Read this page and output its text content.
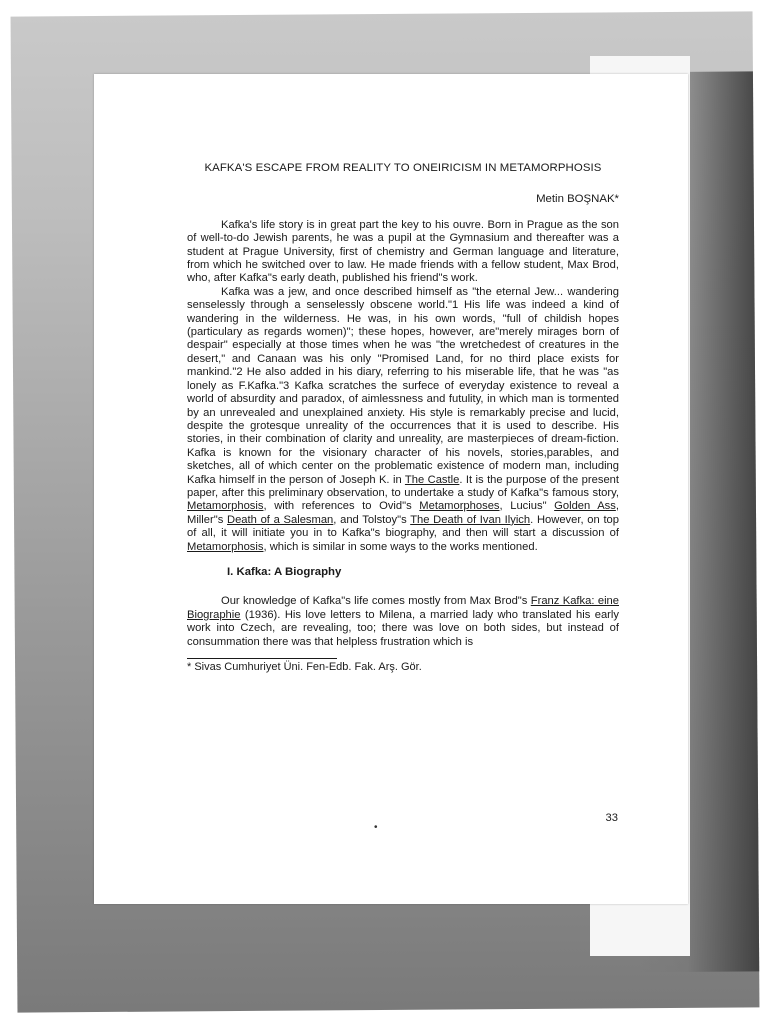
KAFKA'S ESCAPE FROM REALITY TO ONEIRICISM IN METAMORPHOSIS
Metin BOŞNAK*

Kafka's life story is in great part the key to his ouvre. Born in Prague as the son of well-to-do Jewish parents, he was a pupil at the Gymnasium and thereafter was a student at Prague University, first of chemistry and German language and literature, from which he switched over to law. He made friends with a fellow student, Max Brod, who, after Kafka"s early death, published his friend"s work.

Kafka was a jew, and once described himself as "the eternal Jew... wandering senselessly through a senselessly obscene world."1 His life was indeed a kind of wandering in the wilderness. He was, in his own words, "full of childish hopes (particulary as regards women)"; these hopes, however, are"merely mirages born of despair" especially at those times when he was "the wretchedest of creatures in the desert," and Canaan was his only "Promised Land, for no third place exists for mankind."2 He also added in his diary, referring to his miserable life, that he was "as lonely as F.Kafka."3 Kafka scratches the surfece of everyday existence to reveal a world of absurdity and paradox, of aimlessness and futulity, in which man is tormented by an unrevealed and unexplained anxiety. His style is remarkably precise and lucid, despite the grotesque unreality of the occurrences that it is used to describe. His stories, in their combination of clarity and unreality, are masterpieces of dream-fiction. Kafka is known for the visionary character of his novels, stories,parables, and sketches, all of which center on the problematic existence of modern man, including Kafka himself in the person of Joseph K. in The Castle. It is the purpose of the present paper, after this preliminary observation, to undertake a study of Kafka"s famous story, Metamorphosis, with references to Ovid"s Metamorphoses, Lucius" Golden Ass, Miller"s Death of a Salesman, and Tolstoy"s The Death of Ivan Ilyich. However, on top of all, it will initiate you in to Kafka"s biography, and then will start a discussion of Metamorphosis, which is similar in some ways to the works mentioned.

I. Kafka: A Biography

Our knowledge of Kafka"s life comes mostly from Max Brod"s Franz Kafka: eine Biographie (1936). His love letters to Milena, a married lady who translated his early work into Czech, are revealing, too; there was love on both sides, but instead of consummation there was that helpless frustration which is

* Sivas Cumhuriyet Üni. Fen-Edb. Fak. Arş. Gör.

•
33
